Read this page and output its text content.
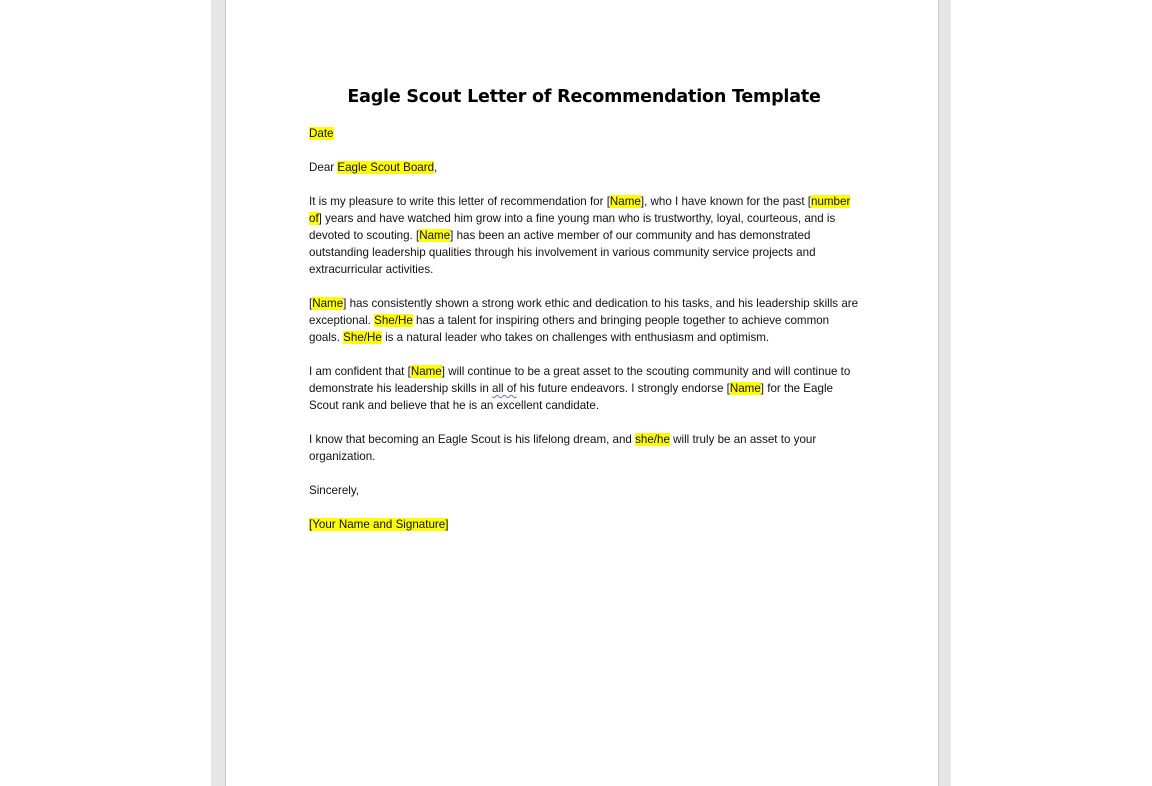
Eagle Scout Letter of Recommendation Template

Date

Dear Eagle Scout Board,

It is my pleasure to write this letter of recommendation for [Name], who I have known for the past [number of] years and have watched him grow into a fine young man who is trustworthy, loyal, courteous, and is devoted to scouting. [Name] has been an active member of our community and has demonstrated outstanding leadership qualities through his involvement in various community service projects and extracurricular activities.

[Name] has consistently shown a strong work ethic and dedication to his tasks, and his leadership skills are exceptional. She/He has a talent for inspiring others and bringing people together to achieve common goals. She/He is a natural leader who takes on challenges with enthusiasm and optimism.

I am confident that [Name] will continue to be a great asset to the scouting community and will continue to demonstrate his leadership skills in all of his future endeavors. I strongly endorse [Name] for the Eagle Scout rank and believe that he is an excellent candidate.

I know that becoming an Eagle Scout is his lifelong dream, and she/he will truly be an asset to your organization.

Sincerely,

[Your Name and Signature]
